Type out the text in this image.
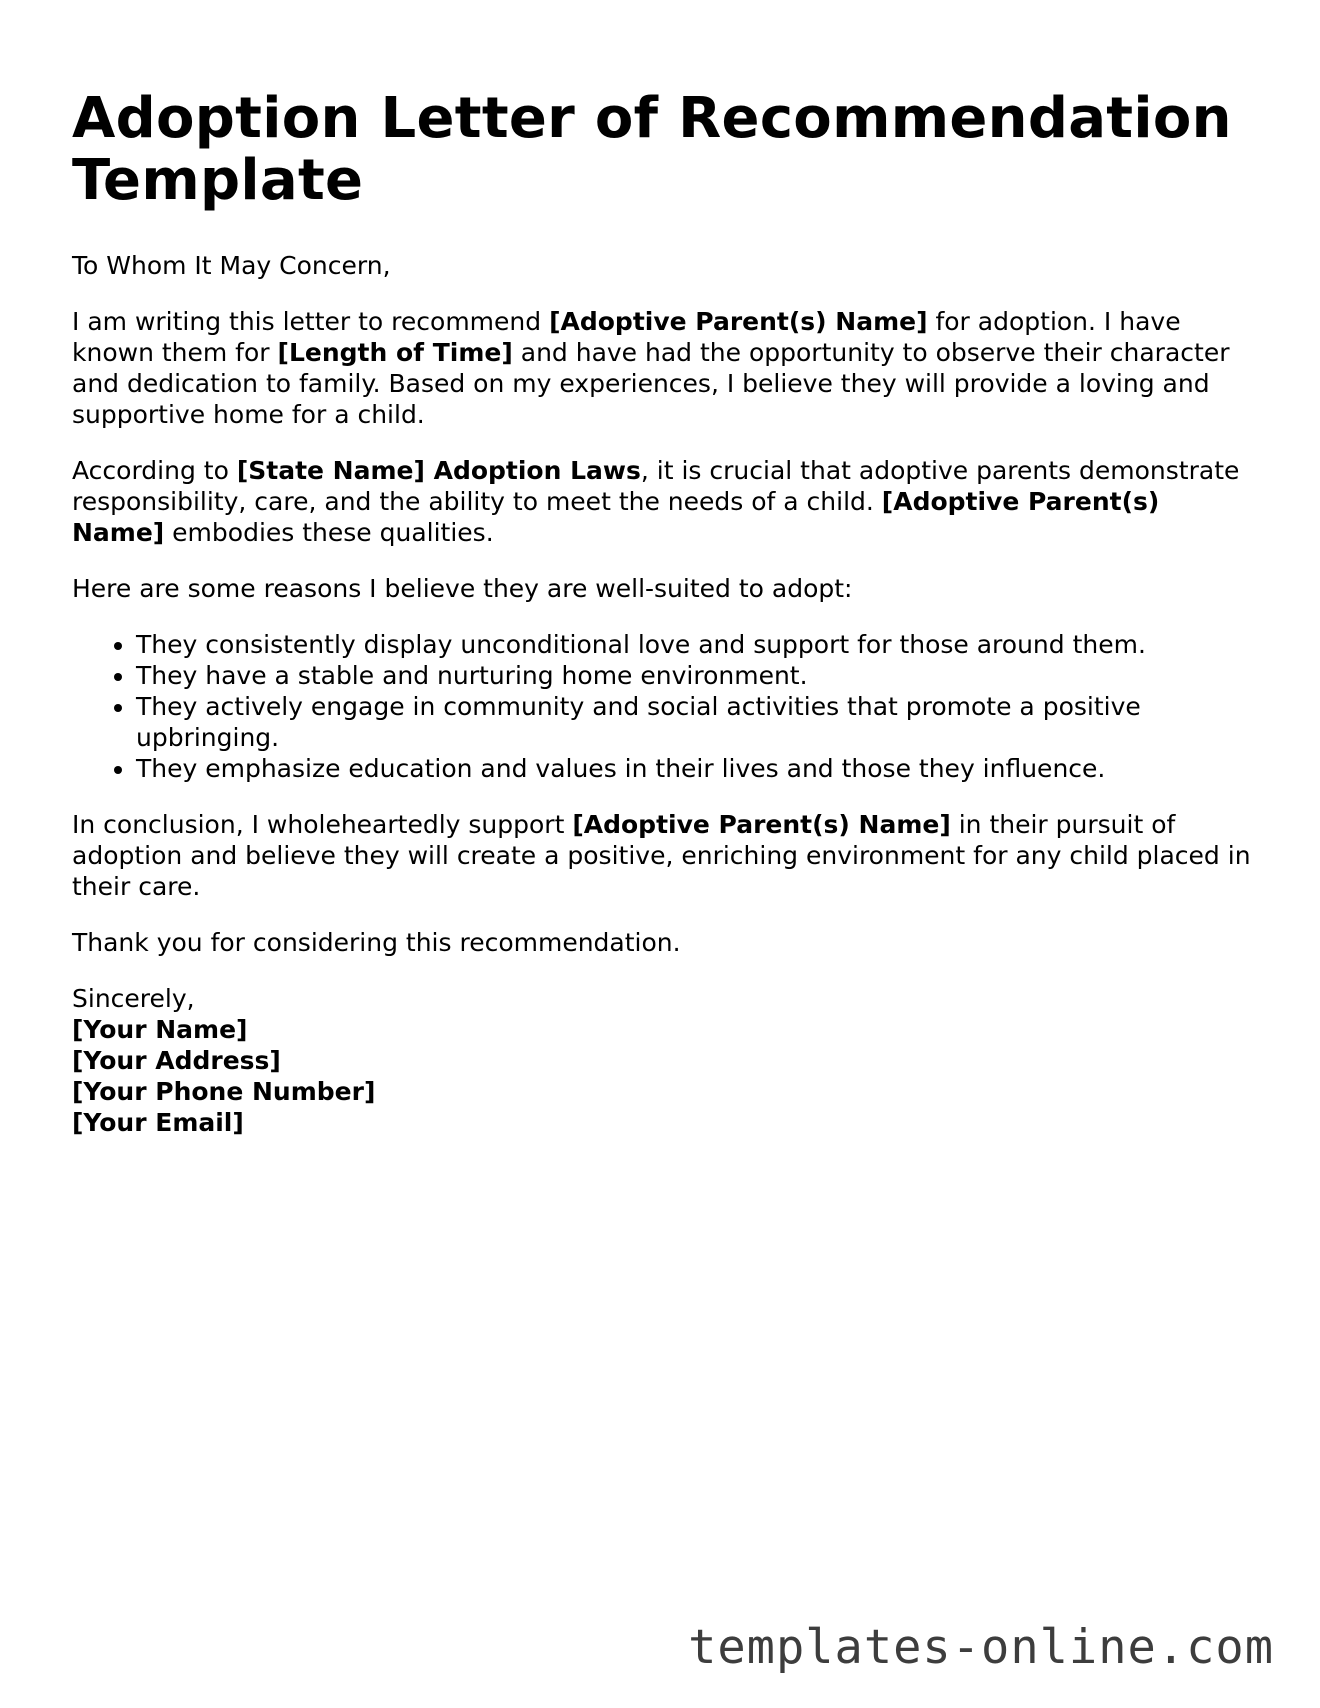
Adoption Letter of Recommendation Template

To Whom It May Concern,

I am writing this letter to recommend [Adoptive Parent(s) Name] for adoption. I have known them for [Length of Time] and have had the opportunity to observe their character and dedication to family. Based on my experiences, I believe they will provide a loving and supportive home for a child.

According to [State Name] Adoption Laws, it is crucial that adoptive parents demonstrate responsibility, care, and the ability to meet the needs of a child. [Adoptive Parent(s) Name] embodies these qualities.

Here are some reasons I believe they are well-suited to adopt:

• They consistently display unconditional love and support for those around them.
• They have a stable and nurturing home environment.
• They actively engage in community and social activities that promote a positive upbringing.
• They emphasize education and values in their lives and those they influence.

In conclusion, I wholeheartedly support [Adoptive Parent(s) Name] in their pursuit of adoption and believe they will create a positive, enriching environment for any child placed in their care.

Thank you for considering this recommendation.

Sincerely,
[Your Name]
[Your Address]
[Your Phone Number]
[Your Email]
templates-online.com
